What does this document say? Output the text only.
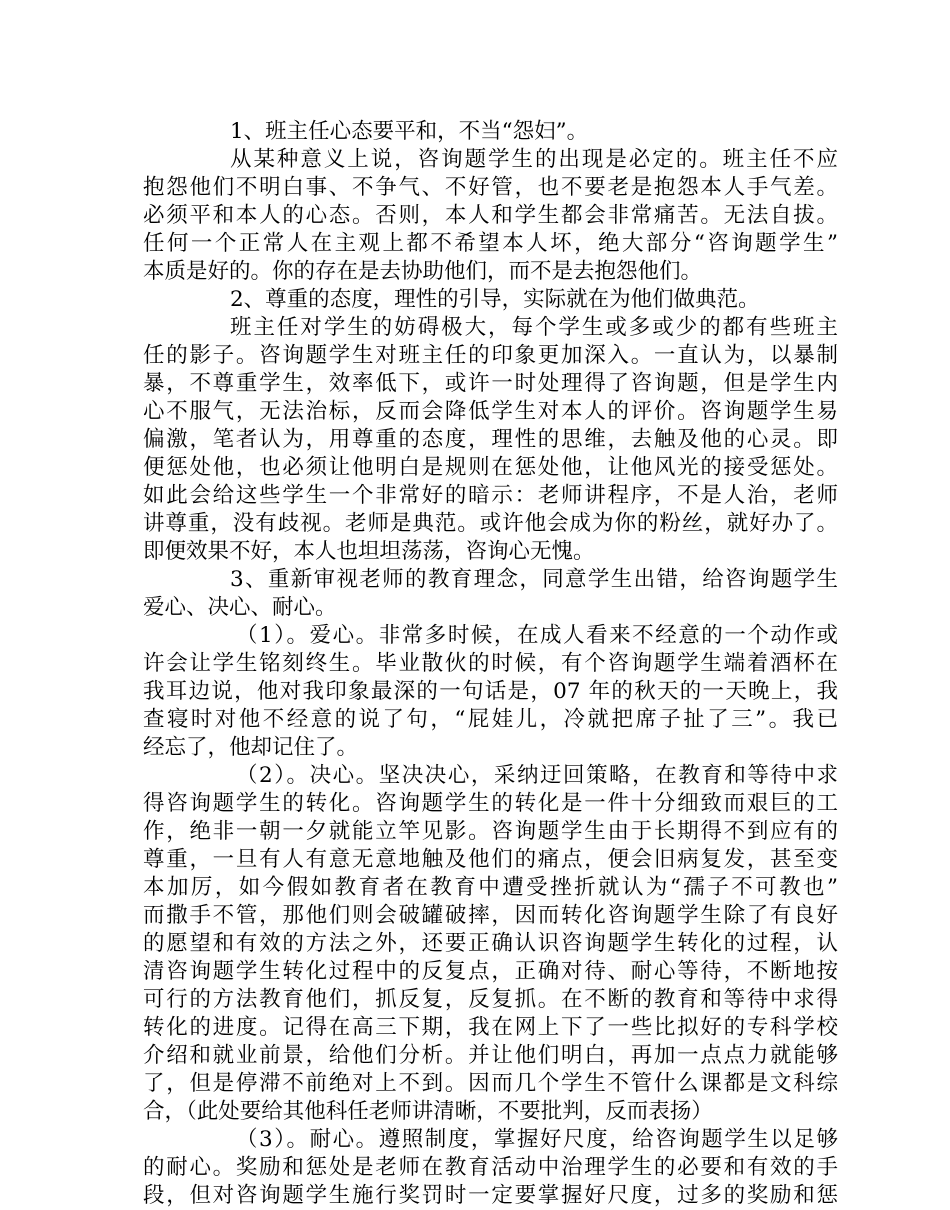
1、班主任心态要平和，不当“怨妇”。
从某种意义上说，咨询题学生的出现是必定的。班主任不应
抱怨他们不明白事、不争气、不好管，也不要老是抱怨本人手气差。
必须平和本人的心态。否则，本人和学生都会非常痛苦。无法自拔。
任何一个正常人在主观上都不希望本人坏，绝大部分“咨询题学生”
本质是好的。你的存在是去协助他们，而不是去抱怨他们。
2、尊重的态度，理性的引导，实际就在为他们做典范。
班主任对学生的妨碍极大，每个学生或多或少的都有些班主
任的影子。咨询题学生对班主任的印象更加深入。一直认为，以暴制
暴，不尊重学生，效率低下，或许一时处理得了咨询题，但是学生内
心不服气，无法治标，反而会降低学生对本人的评价。咨询题学生易
偏激，笔者认为，用尊重的态度，理性的思维，去触及他的心灵。即
便惩处他，也必须让他明白是规则在惩处他，让他风光的接受惩处。
如此会给这些学生一个非常好的暗示：老师讲程序，不是人治，老师
讲尊重，没有歧视。老师是典范。或许他会成为你的粉丝，就好办了。
即便效果不好，本人也坦坦荡荡，咨询心无愧。
3、重新审视老师的教育理念，同意学生出错，给咨询题学生
爱心、决心、耐心。
（1）。爱心。非常多时候，在成人看来不经意的一个动作或
许会让学生铭刻终生。毕业散伙的时候，有个咨询题学生端着酒杯在
我耳边说，他对我印象最深的一句话是，07 年的秋天的一天晚上，我
查寝时对他不经意的说了句，“屁娃儿，冷就把席子扯了三”。我已
经忘了，他却记住了。
（2）。决心。坚决决心，采纳迂回策略，在教育和等待中求
得咨询题学生的转化。咨询题学生的转化是一件十分细致而艰巨的工
作，绝非一朝一夕就能立竿见影。咨询题学生由于长期得不到应有的
尊重，一旦有人有意无意地触及他们的痛点，便会旧病复发，甚至变
本加厉，如今假如教育者在教育中遭受挫折就认为“孺子不可教也”
而撒手不管，那他们则会破罐破摔，因而转化咨询题学生除了有良好
的愿望和有效的方法之外，还要正确认识咨询题学生转化的过程，认
清咨询题学生转化过程中的反复点，正确对待、耐心等待，不断地按
可行的方法教育他们，抓反复，反复抓。在不断的教育和等待中求得
转化的进度。记得在高三下期，我在网上下了一些比拟好的专科学校
介绍和就业前景，给他们分析。并让他们明白，再加一点点力就能够
了，但是停滞不前绝对上不到。因而几个学生不管什么课都是文科综
合，（此处要给其他科任老师讲清晰，不要批判，反而表扬）
（3）。耐心。遵照制度，掌握好尺度，给咨询题学生以足够
的耐心。奖励和惩处是老师在教育活动中治理学生的必要和有效的手
段，但对咨询题学生施行奖罚时一定要掌握好尺度，过多的奖励和惩
